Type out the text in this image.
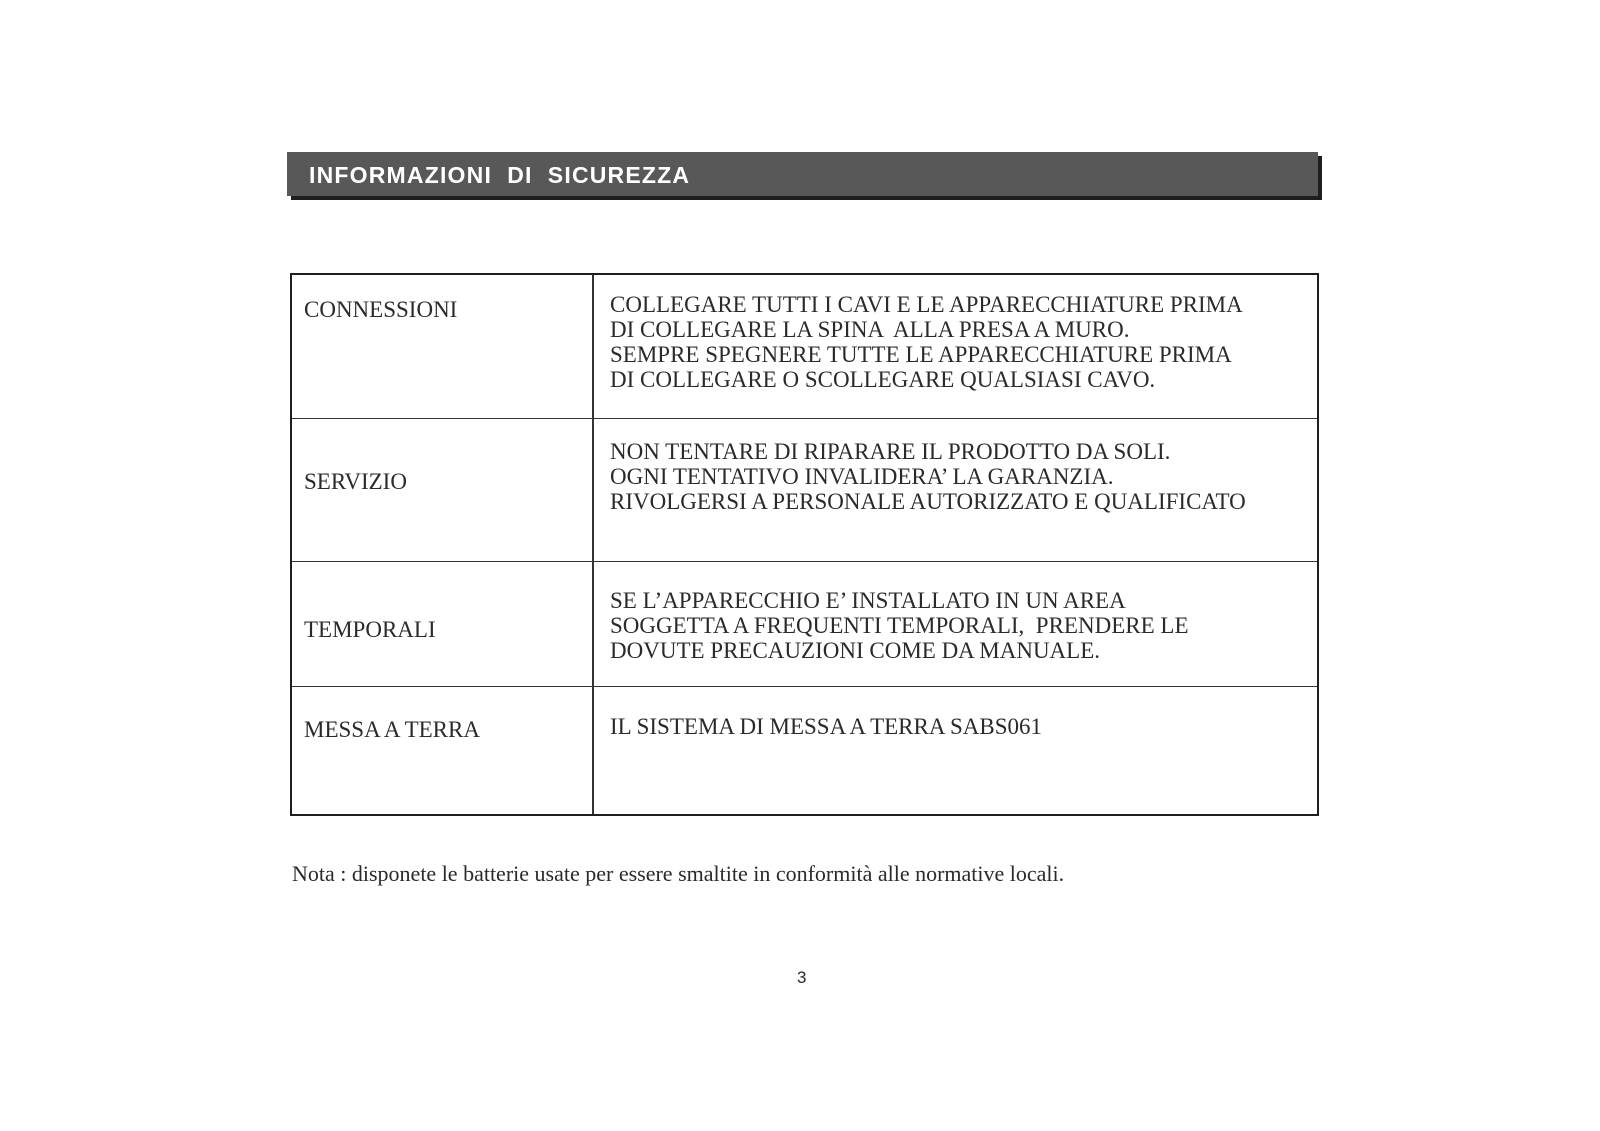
INFORMAZIONI  DI  SICUREZZA
CONNESSIONI	COLLEGARE TUTTI I CAVI E LE APPARECCHIATURE PRIMA
DI COLLEGARE LA SPINA  ALLA PRESA A MURO.
SEMPRE SPEGNERE TUTTE LE APPARECCHIATURE PRIMA
DI COLLEGARE O SCOLLEGARE QUALSIASI CAVO.
SERVIZIO
NON TENTARE DI RIPARARE IL PRODOTTO DA SOLI.
OGNI TENTATIVO INVALIDERA’ LA GARANZIA.
RIVOLGERSI A PERSONALE AUTORIZZATO E QUALIFICATO
TEMPORALI
SE L’APPARECCHIO E’ INSTALLATO IN UN AREA
SOGGETTA A FREQUENTI TEMPORALI,  PRENDERE LE
DOVUTE PRECAUZIONI COME DA MANUALE.
MESSA A TERRA	IL SISTEMA DI MESSA A TERRA SABS061
Nota : disponete le batterie usate per essere smaltite in conformità alle normative locali.
3
